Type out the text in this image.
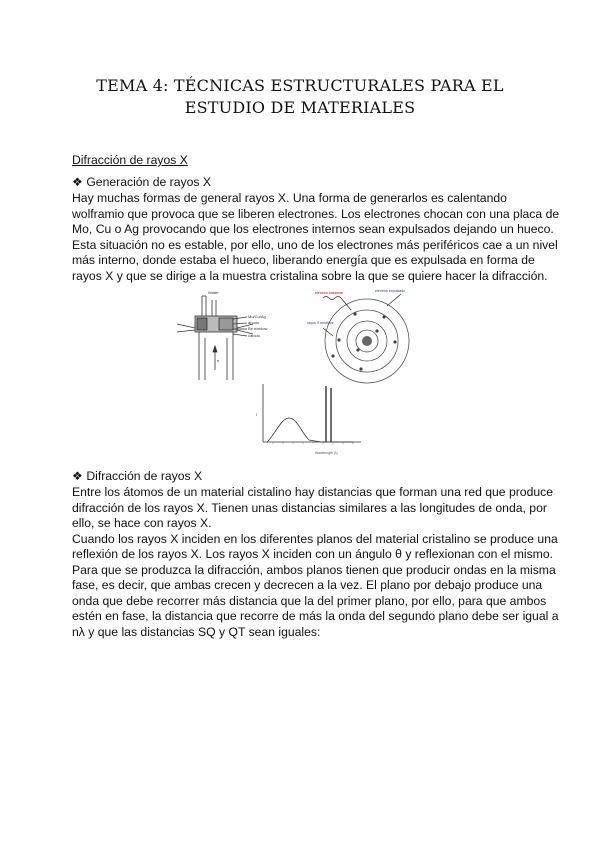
TEMA 4: TÉCNICAS ESTRUCTURALES PARA EL
ESTUDIO DE MATERIALES
Difracción de rayos X
❖ Generación de rayos X
Hay muchas formas de general rayos X. Una forma de generarlos es calentando
wolframio que provoca que se liberen electrones. Los electrones chocan con una placa de
Mo, Cu o Ag provocando que los electrones internos sean expulsados dejando un hueco.
Esta situación no es estable, por ello, uno de los electrones más periféricos cae a un nivel
más interno, donde estaba el hueco, liberando energía que es expulsada en forma de
rayos X y que se dirige a la muestra cristalina sobre la que se quiere hacer la difracción.
Water
Mo/Cu/Ag
ánodo
Be window
cátodo
e
electrón incidente	electrón expulsado
rayos X emitidos
I
Wavelength (λ)
❖ Difracción de rayos X
Entre los átomos de un material cistalino hay distancias que forman una red que produce
difracción de los rayos X. Tienen unas distancias similares a las longitudes de onda, por
ello, se hace con rayos X.
Cuando los rayos X inciden en los diferentes planos del material cristalino se produce una
reflexión de los rayos X. Los rayos X inciden con un ángulo θ y reflexionan con el mismo.
Para que se produzca la difracción, ambos planos tienen que producir ondas en la misma
fase, es decir, que ambas crecen y decrecen a la vez. El plano por debajo produce una
onda que debe recorrer más distancia que la del primer plano, por ello, para que ambos
estén en fase, la distancia que recorre de más la onda del segundo plano debe ser igual a
nλ y que las distancias SQ y QT sean iguales:
